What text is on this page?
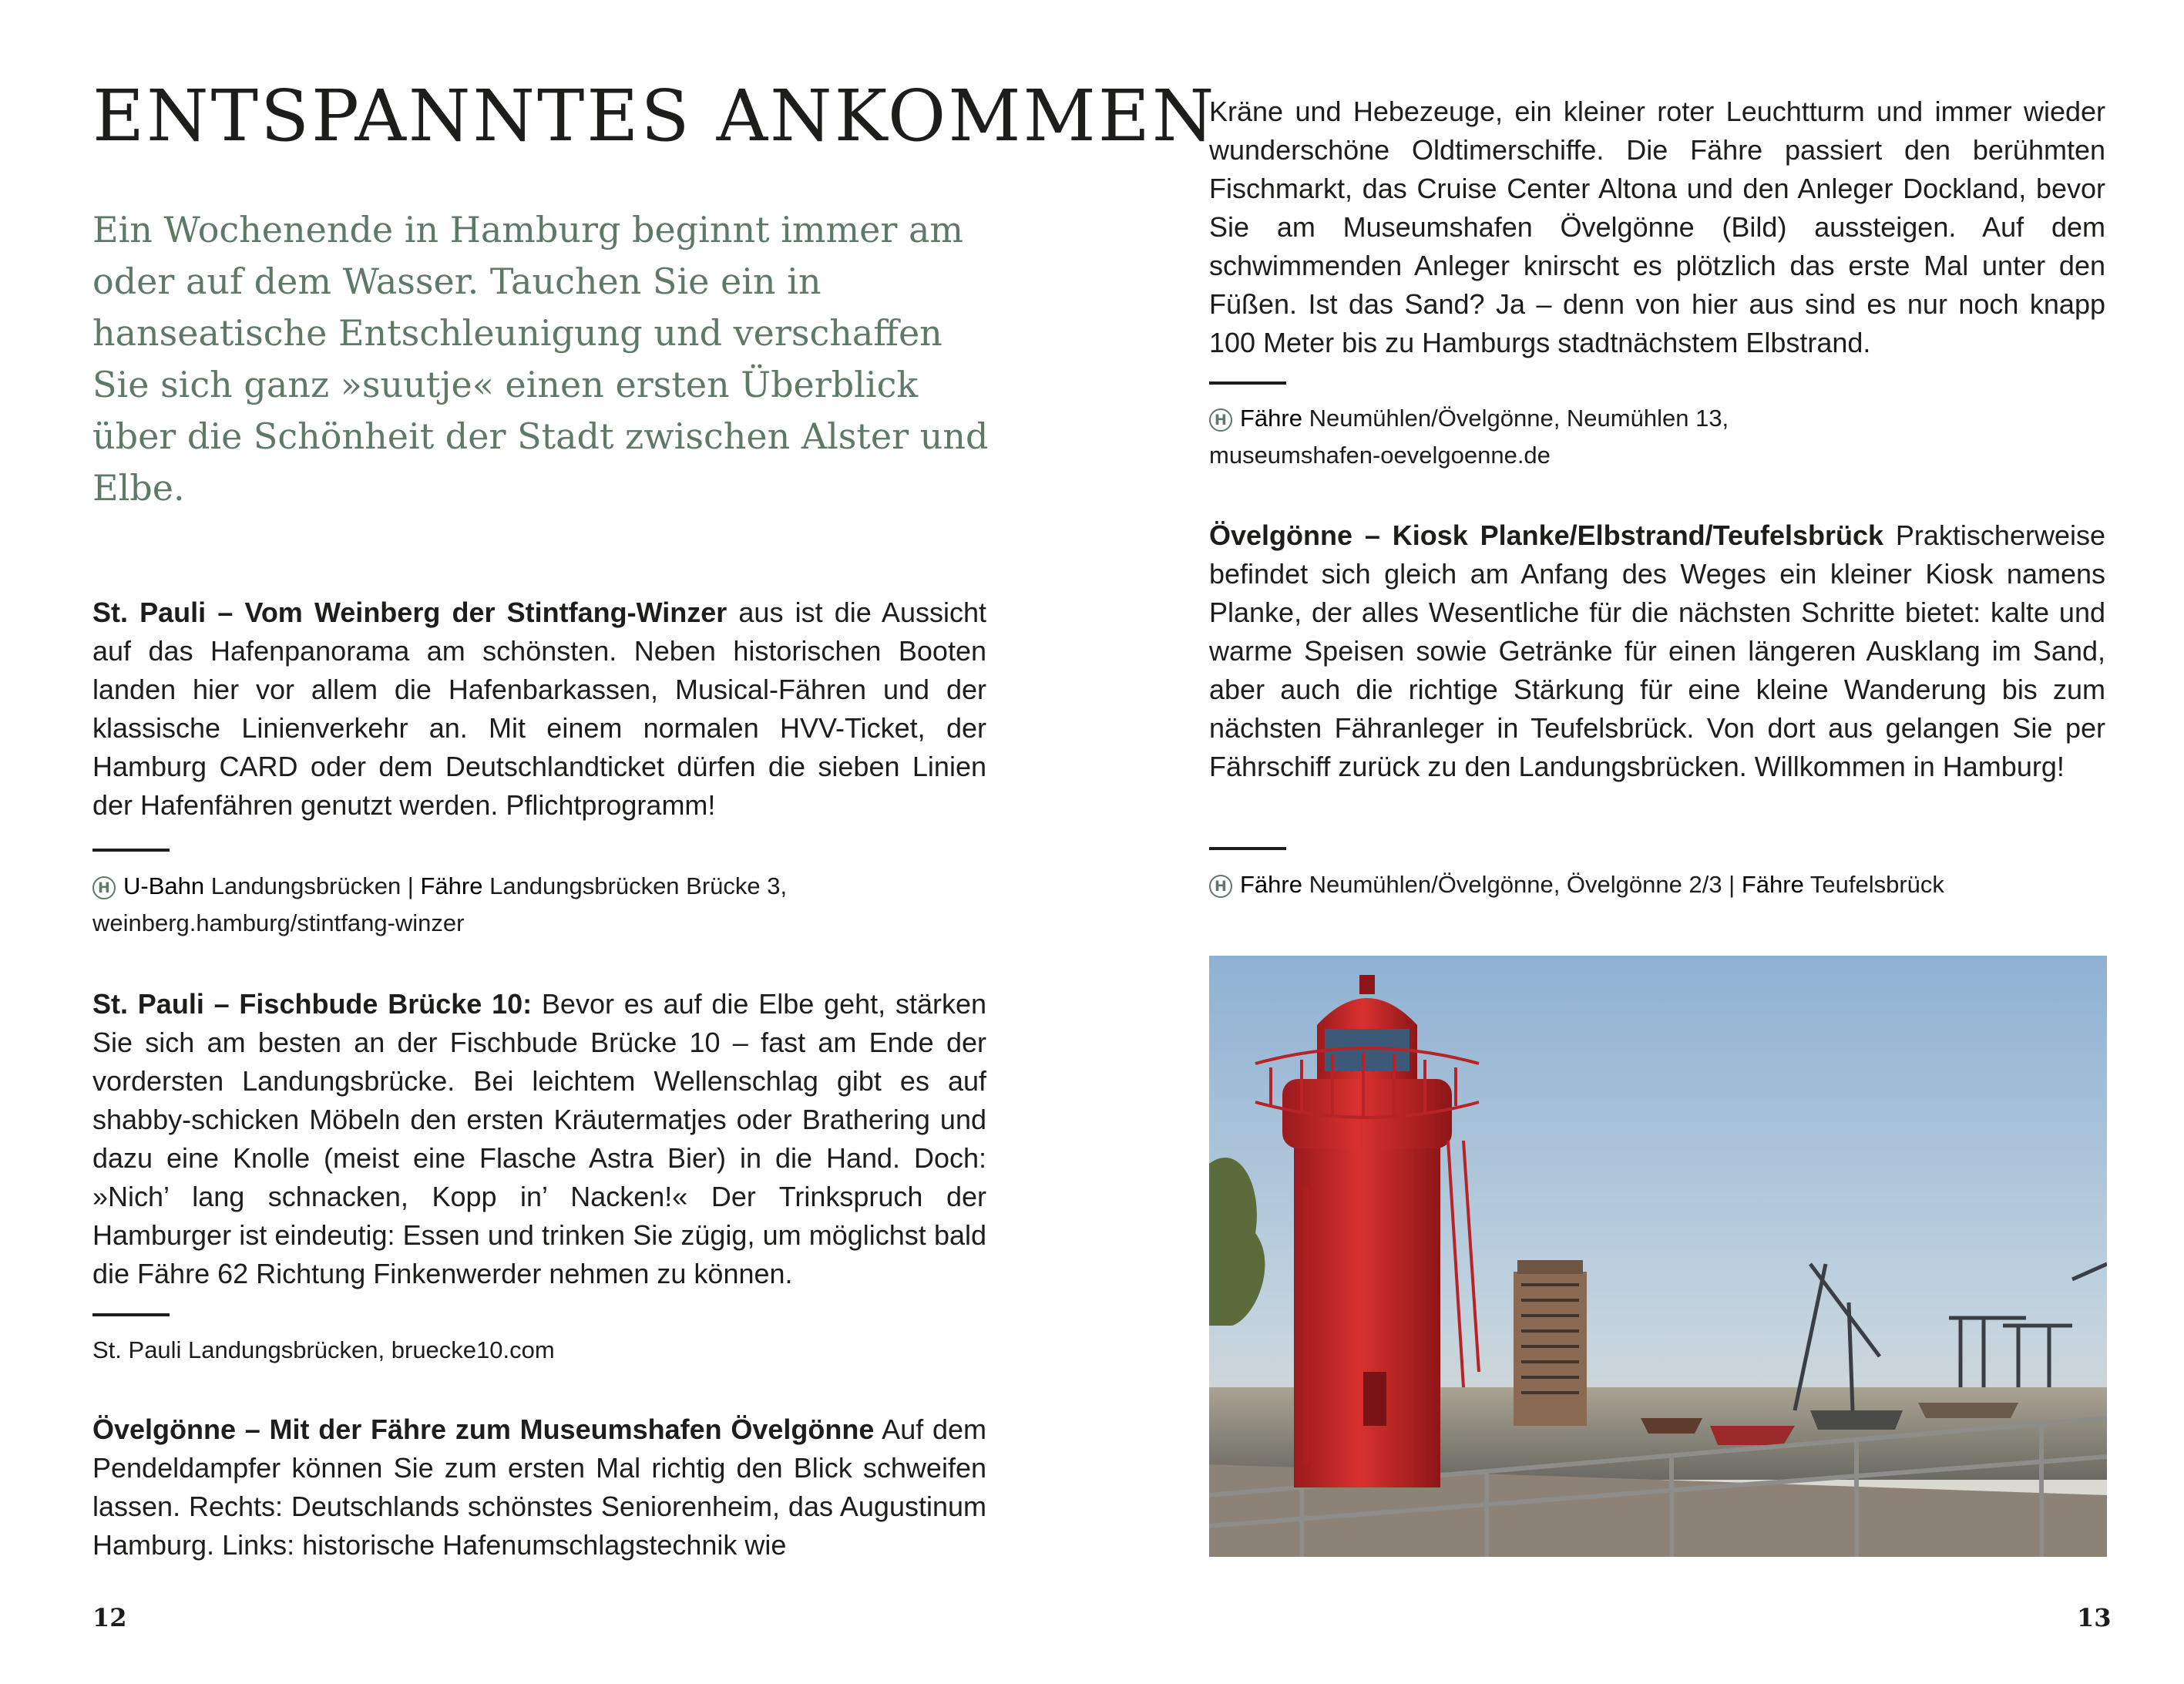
ENTSPANNTES ANKOMMEN

Ein Wochenende in Hamburg beginnt immer am oder auf dem Wasser. Tauchen Sie ein in hanseatische Entschleunigung und verschaffen Sie sich ganz »suutje« einen ersten Überblick über die Schönheit der Stadt zwischen Alster und Elbe.

St. Pauli – Vom Weinberg der Stintfang-Winzer aus ist die Aussicht auf das Hafenpanorama am schönsten. Neben historischen Booten landen hier vor allem die Hafenbarkassen, Musical-Fähren und der klassische Linienverkehr an. Mit einem normalen HVV-Ticket, der Hamburg CARD oder dem Deutschlandticket dürfen die sieben Linien der Hafenfähren genutzt werden. Pflichtprogramm!

H U-Bahn Landungsbrücken | Fähre Landungsbrücken Brücke 3,
weinberg.hamburg/stintfang-winzer

St. Pauli – Fischbude Brücke 10: Bevor es auf die Elbe geht, stärken Sie sich am besten an der Fischbude Brücke 10 – fast am Ende der vordersten Landungsbrücke. Bei leichtem Wellenschlag gibt es auf shabby-schicken Möbeln den ersten Kräutermatjes oder Brathering und dazu eine Knolle (meist eine Flasche Astra Bier) in die Hand. Doch: »Nich’ lang schnacken, Kopp in’ Nacken!« Der Trinkspruch der Hamburger ist eindeutig: Essen und trinken Sie zügig, um möglichst bald die Fähre 62 Richtung Finkenwerder nehmen zu können.

St. Pauli Landungsbrücken, bruecke10.com

Övelgönne – Mit der Fähre zum Museumshafen Övelgönne Auf dem Pendeldampfer können Sie zum ersten Mal richtig den Blick schweifen lassen. Rechts: Deutschlands schönstes Seniorenheim, das Augustinum Hamburg. Links: historische Hafenumschlagstechnik wie

12

Kräne und Hebezeuge, ein kleiner roter Leuchtturm und immer wieder wunderschöne Oldtimerschiffe. Die Fähre passiert den berühmten Fischmarkt, das Cruise Center Altona und den Anleger Dockland, bevor Sie am Museumshafen Övelgönne (Bild) aussteigen. Auf dem schwimmenden Anleger knirscht es plötzlich das erste Mal unter den Füßen. Ist das Sand? Ja – denn von hier aus sind es nur noch knapp 100 Meter bis zu Hamburgs stadtnächstem Elbstrand.

H Fähre Neumühlen/Övelgönne, Neumühlen 13,
museumshafen-oevelgoenne.de

Övelgönne – Kiosk Planke/Elbstrand/Teufelsbrück Praktischerweise befindet sich gleich am Anfang des Weges ein kleiner Kiosk namens Planke, der alles Wesentliche für die nächsten Schritte bietet: kalte und warme Speisen sowie Getränke für einen längeren Ausklang im Sand, aber auch die richtige Stärkung für eine kleine Wanderung bis zum nächsten Fähranleger in Teufelsbrück. Von dort aus gelangen Sie per Fährschiff zurück zu den Landungsbrücken. Willkommen in Hamburg!

H Fähre Neumühlen/Övelgönne, Övelgönne 2/3 | Fähre Teufelsbrück

13
